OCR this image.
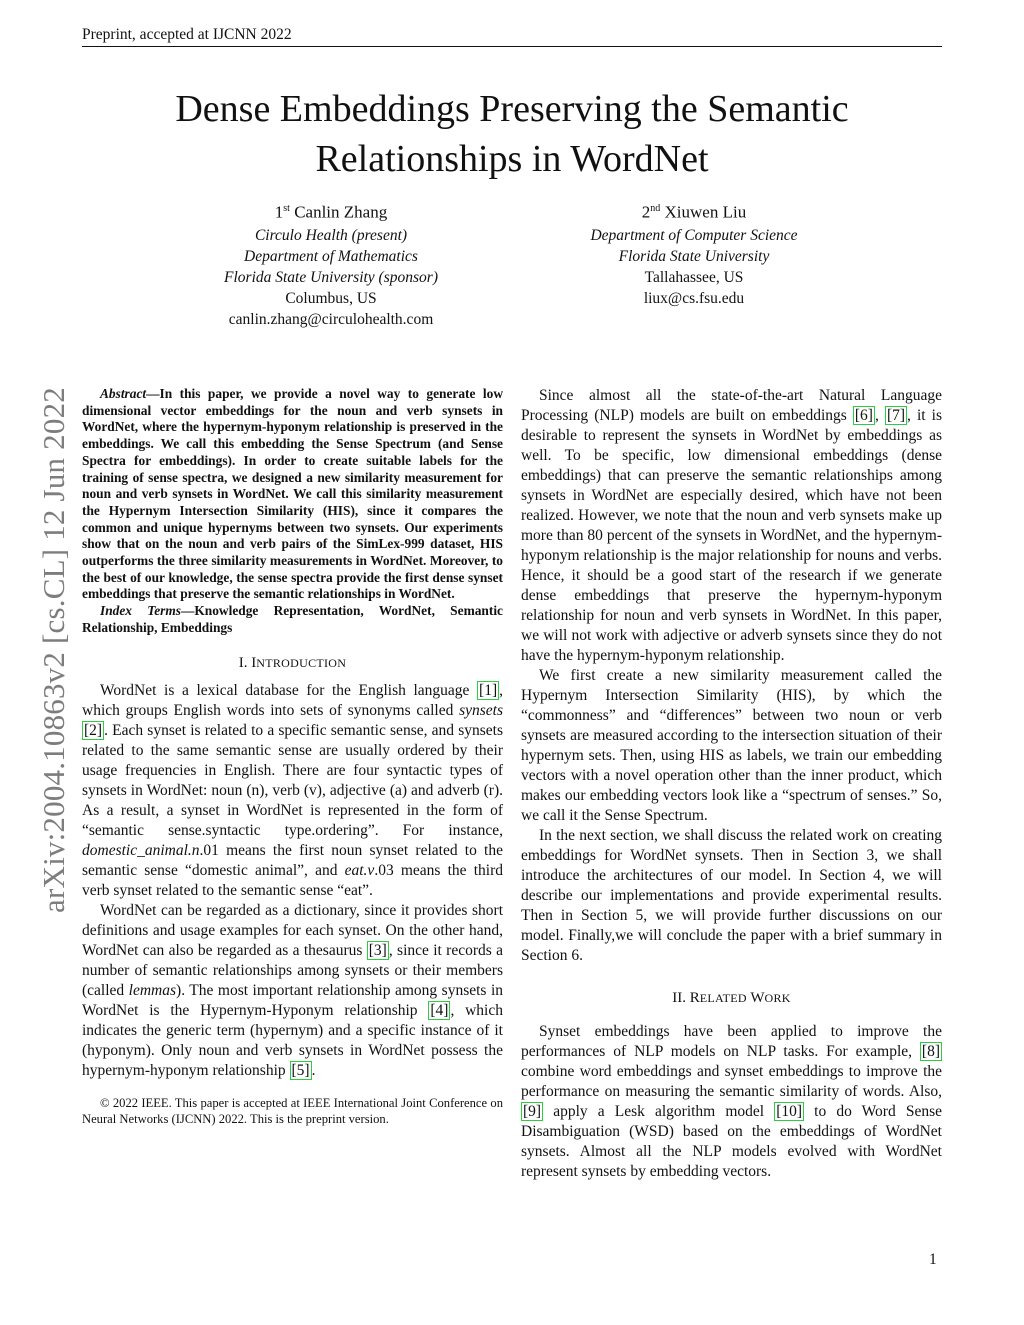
Preprint, accepted at IJCNN 2022
Dense Embeddings Preserving the Semantic
Relationships in WordNet
1st Canlin Zhang
Circulo Health (present)
Department of Mathematics
Florida State University (sponsor)
Columbus, US
canlin.zhang@circulohealth.com
2nd Xiuwen Liu
Department of Computer Science
Florida State University
Tallahassee, US
liux@cs.fsu.edu
arXiv:2004.10863v2 [cs.CL] 12 Jun 2022	Abstract—In this paper, we provide a novel way to generate low dimensional vector embeddings for the noun and verb synsets in WordNet, where the hypernym-hyponym relationship is preserved in the embeddings. We call this embedding the Sense Spectrum (and Sense Spectra for embeddings). In order to create suitable labels for the training of sense spectra, we designed a new similarity measurement for noun and verb synsets in WordNet. We call this similarity measurement the Hypernym Intersection Similarity (HIS), since it compares the common and unique hypernyms between two synsets. Our experiments show that on the noun and verb pairs of the SimLex-999 dataset, HIS outperforms the three similarity measurements in WordNet. Moreover, to the best of our knowledge, the sense spectra provide the first dense synset embeddings that preserve the semantic relationships in WordNet.

Index Terms—Knowledge Representation, WordNet, Semantic Relationship, Embeddings

I. INTRODUCTION

WordNet is a lexical database for the English language [1] , which groups English words into sets of synonyms called synsets [2] . Each synset is related to a specific semantic sense, and synsets related to the same semantic sense are usually ordered by their usage frequencies in English. There are four syntactic types of synsets in WordNet: noun (n), verb (v), adjective (a) and adverb (r). As a result, a synset in WordNet is represented in the form of “semantic sense.syntactic type.ordering”. For instance, domestic_animal.n.01 means the first noun synset related to the semantic sense “domestic animal”, and eat.v.03 means the third verb synset related to the semantic sense “eat”.

WordNet can be regarded as a dictionary, since it provides short definitions and usage examples for each synset. On the other hand, WordNet can also be regarded as a thesaurus [3] , since it records a number of semantic relationships among synsets or their members (called lemmas). The most important relationship among synsets in WordNet is the Hypernym-Hyponym relationship [4] , which indicates the generic term (hypernym) and a specific instance of it (hyponym). Only noun and verb synsets in WordNet possess the hypernym-hyponym relationship [5] .

© 2022 IEEE. This paper is accepted at IEEE International Joint Conference on Neural Networks (IJCNN) 2022. This is the preprint version.

Since almost all the state-of-the-art Natural Language Processing (NLP) models are built on embeddings [6] , [7] , it is desirable to represent the synsets in WordNet by embeddings as well. To be specific, low dimensional embeddings (dense embeddings) that can preserve the semantic relationships among synsets in WordNet are especially desired, which have not been realized. However, we note that the noun and verb synsets make up more than 80 percent of the synsets in WordNet, and the hypernym-hyponym relationship is the major relationship for nouns and verbs. Hence, it should be a good start of the research if we generate dense embeddings that preserve the hypernym-hyponym relationship for noun and verb synsets in WordNet. In this paper, we will not work with adjective or adverb synsets since they do not have the hypernym-hyponym relationship.

We first create a new similarity measurement called the Hypernym Intersection Similarity (HIS), by which the “commonness” and “differences” between two noun or verb synsets are measured according to the intersection situation of their hypernym sets. Then, using HIS as labels, we train our embedding vectors with a novel operation other than the inner product, which makes our embedding vectors look like a “spectrum of senses.” So, we call it the Sense Spectrum.

In the next section, we shall discuss the related work on creating embeddings for WordNet synsets. Then in Section 3, we shall introduce the architectures of our model. In Section 4, we will describe our implementations and provide experimental results. Then in Section 5, we will provide further discussions on our model. Finally,we will conclude the paper with a brief summary in Section 6.

II. RELATED WORK

Synset embeddings have been applied to improve the performances of NLP models on NLP tasks. For example, [8] combine word embeddings and synset embeddings to improve the performance on measuring the semantic similarity of words. Also, [9] apply a Lesk algorithm model [10] to do Word Sense Disambiguation (WSD) based on the embeddings of WordNet synsets. Almost all the NLP models evolved with WordNet represent synsets by embedding vectors.

1
